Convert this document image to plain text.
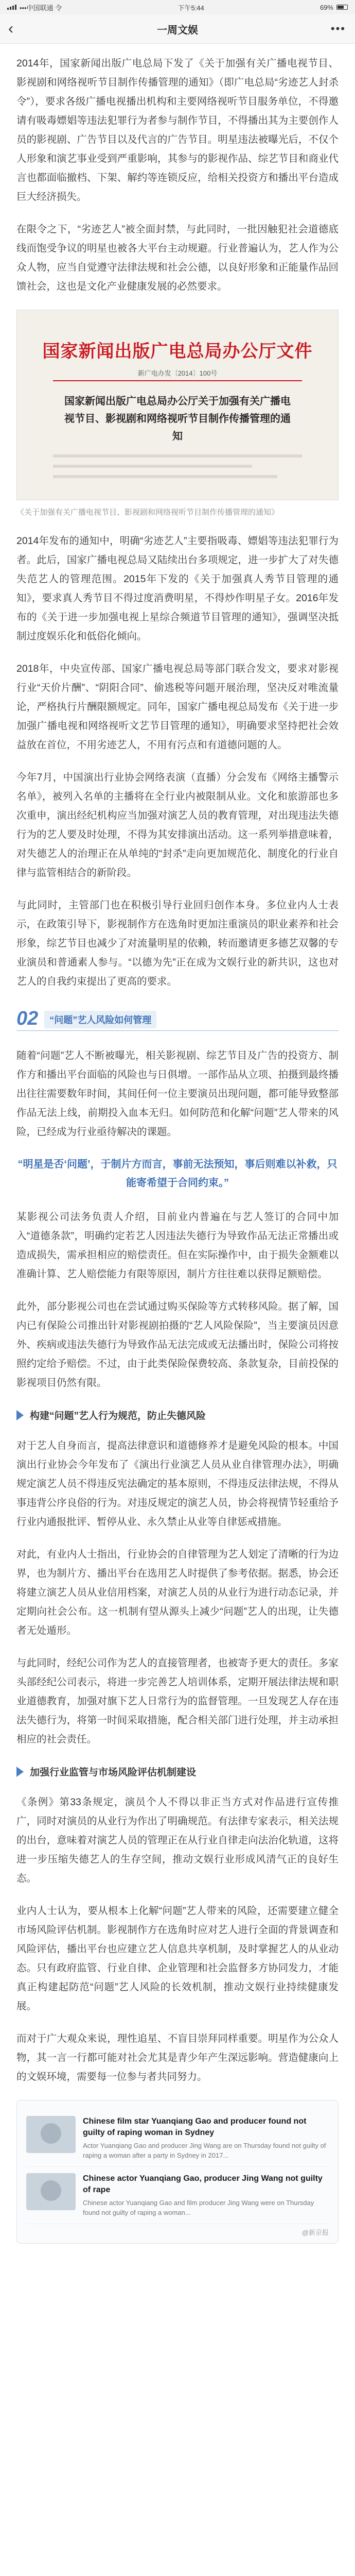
•••中国联通 令	下午5:44	69%
‹	一周文娱	•••

2014年，国家新闻出版广电总局下发了《关于加强有关广播电视节目、影视剧和网络视听节目制作传播管理的通知》（即广电总局“劣迹艺人封杀令”），要求各级广播电视播出机构和主要网络视听节目服务单位，不得邀请有吸毒嫖娼等违法犯罪行为者参与制作节目，不得播出其为主要创作人员的影视剧、广告节目以及代言的广告节目。明星违法被曝光后，不仅个人形象和演艺事业受到严重影响，其参与的影视作品、综艺节目和商业代言也都面临撤档、下架、解约等连锁反应，给相关投资方和播出平台造成巨大经济损失。

在限令之下，“劣迹艺人”被全面封禁，与此同时，一批因触犯社会道德底线而饱受争议的明星也被各大平台主动规避。行业普遍认为，艺人作为公众人物，应当自觉遵守法律法规和社会公德，以良好形象和正能量作品回馈社会，这也是文化产业健康发展的必然要求。

国家新闻出版广电总局办公厅文件
新广电办发〔2014〕100号
国家新闻出版广电总局办公厅关于加强有关广播电视节目、影视剧和网络视听节目制作传播管理的通知
《关于加强有关广播电视节目、影视剧和网络视听节目制作传播管理的通知》

2014年发布的通知中，明确“劣迹艺人”主要指吸毒、嫖娼等违法犯罪行为者。此后，国家广播电视总局又陆续出台多项规定，进一步扩大了对失德失范艺人的管理范围。2015年下发的《关于加强真人秀节目管理的通知》，要求真人秀节目不得过度消费明星，不得炒作明星子女。2016年发布的《关于进一步加强电视上星综合频道节目管理的通知》，强调坚决抵制过度娱乐化和低俗化倾向。

2018年，中央宣传部、国家广播电视总局等部门联合发文，要求对影视行业“天价片酬”、“阴阳合同”、偷逃税等问题开展治理，坚决反对唯流量论，严格执行片酬限额规定。同年，国家广播电视总局发布《关于进一步加强广播电视和网络视听文艺节目管理的通知》，明确要求坚持把社会效益放在首位，不用劣迹艺人，不用有污点和有道德问题的人。

今年7月，中国演出行业协会网络表演（直播）分会发布《网络主播警示名单》，被列入名单的主播将在全行业内被限制从业。文化和旅游部也多次重申，演出经纪机构应当加强对演艺人员的教育管理，对出现违法失德行为的艺人要及时处理，不得为其安排演出活动。这一系列举措意味着，对失德艺人的治理正在从单纯的“封杀”走向更加规范化、制度化的行业自律与监管相结合的新阶段。

与此同时，主管部门也在积极引导行业回归创作本身。多位业内人士表示，在政策引导下，影视制作方在选角时更加注重演员的职业素养和社会形象，综艺节目也减少了对流量明星的依赖，转而邀请更多德艺双馨的专业演员和普通素人参与。“以德为先”正在成为文娱行业的新共识，这也对艺人的自我约束提出了更高的要求。

02	“问题”艺人风险如何管理

随着“问题”艺人不断被曝光，相关影视剧、综艺节目及广告的投资方、制作方和播出平台面临的风险也与日俱增。一部作品从立项、拍摄到最终播出往往需要数年时间，其间任何一位主要演员出现问题，都可能导致整部作品无法上线，前期投入血本无归。如何防范和化解“问题”艺人带来的风险，已经成为行业亟待解决的课题。

“明星是否‘问题’，于制片方而言，事前无法预知，事后则难以补救，只能寄希望于合同约束。”

某影视公司法务负责人介绍，目前业内普遍在与艺人签订的合同中加入“道德条款”，明确约定若艺人因违法失德行为导致作品无法正常播出或造成损失，需承担相应的赔偿责任。但在实际操作中，由于损失金额难以准确计算、艺人赔偿能力有限等原因，制片方往往难以获得足额赔偿。

此外，部分影视公司也在尝试通过购买保险等方式转移风险。据了解，国内已有保险公司推出针对影视剧拍摄的“艺人风险保险”，当主要演员因意外、疾病或违法失德行为导致作品无法完成或无法播出时，保险公司将按照约定给予赔偿。不过，由于此类保险保费较高、条款复杂，目前投保的影视项目仍然有限。

构建“问题”艺人行为规范，防止失德风险

对于艺人自身而言，提高法律意识和道德修养才是避免风险的根本。中国演出行业协会今年发布了《演出行业演艺人员从业自律管理办法》，明确规定演艺人员不得违反宪法确定的基本原则，不得违反法律法规，不得从事违背公序良俗的行为。对违反规定的演艺人员，协会将视情节轻重给予行业内通报批评、暂停从业、永久禁止从业等自律惩戒措施。

对此，有业内人士指出，行业协会的自律管理为艺人划定了清晰的行为边界，也为制片方、播出平台在选用艺人时提供了参考依据。据悉，协会还将建立演艺人员从业信用档案，对演艺人员的从业行为进行动态记录，并定期向社会公布。这一机制有望从源头上减少“问题”艺人的出现，让失德者无处遁形。

与此同时，经纪公司作为艺人的直接管理者，也被寄予更大的责任。多家头部经纪公司表示，将进一步完善艺人培训体系，定期开展法律法规和职业道德教育，加强对旗下艺人日常行为的监督管理。一旦发现艺人存在违法失德行为，将第一时间采取措施，配合相关部门进行处理，并主动承担相应的社会责任。

加强行业监管与市场风险评估机制建设

《条例》第33条规定，演员个人不得以非正当方式对作品进行宣传推广，同时对演员的从业行为作出了明确规范。有法律专家表示，相关法规的出台，意味着对演艺人员的管理正在从行业自律走向法治化轨道，这将进一步压缩失德艺人的生存空间，推动文娱行业形成风清气正的良好生态。

业内人士认为，要从根本上化解“问题”艺人带来的风险，还需要建立健全市场风险评估机制。影视制作方在选角时应对艺人进行全面的背景调查和风险评估，播出平台也应建立艺人信息共享机制，及时掌握艺人的从业动态。只有政府监管、行业自律、企业管理和社会监督多方协同发力，才能真正构建起防范“问题”艺人风险的长效机制，推动文娱行业持续健康发展。

而对于广大观众来说，理性追星、不盲目崇拜同样重要。明星作为公众人物，其一言一行都可能对社会尤其是青少年产生深远影响。营造健康向上的文娱环境，需要每一位参与者共同努力。

Chinese film star Yuanqiang Gao and producer found not guilty of raping woman in Sydney
Actor Yuanqiang Gao and producer Jing Wang are on Thursday found not guilty of raping a woman after a party in Sydney in 2017...
Chinese actor Yuanqiang Gao, producer Jing Wang not guilty of rape
Chinese actor Yuanqiang Gao and film producer Jing Wang were on Thursday found not guilty of raping a woman...
@新京报
